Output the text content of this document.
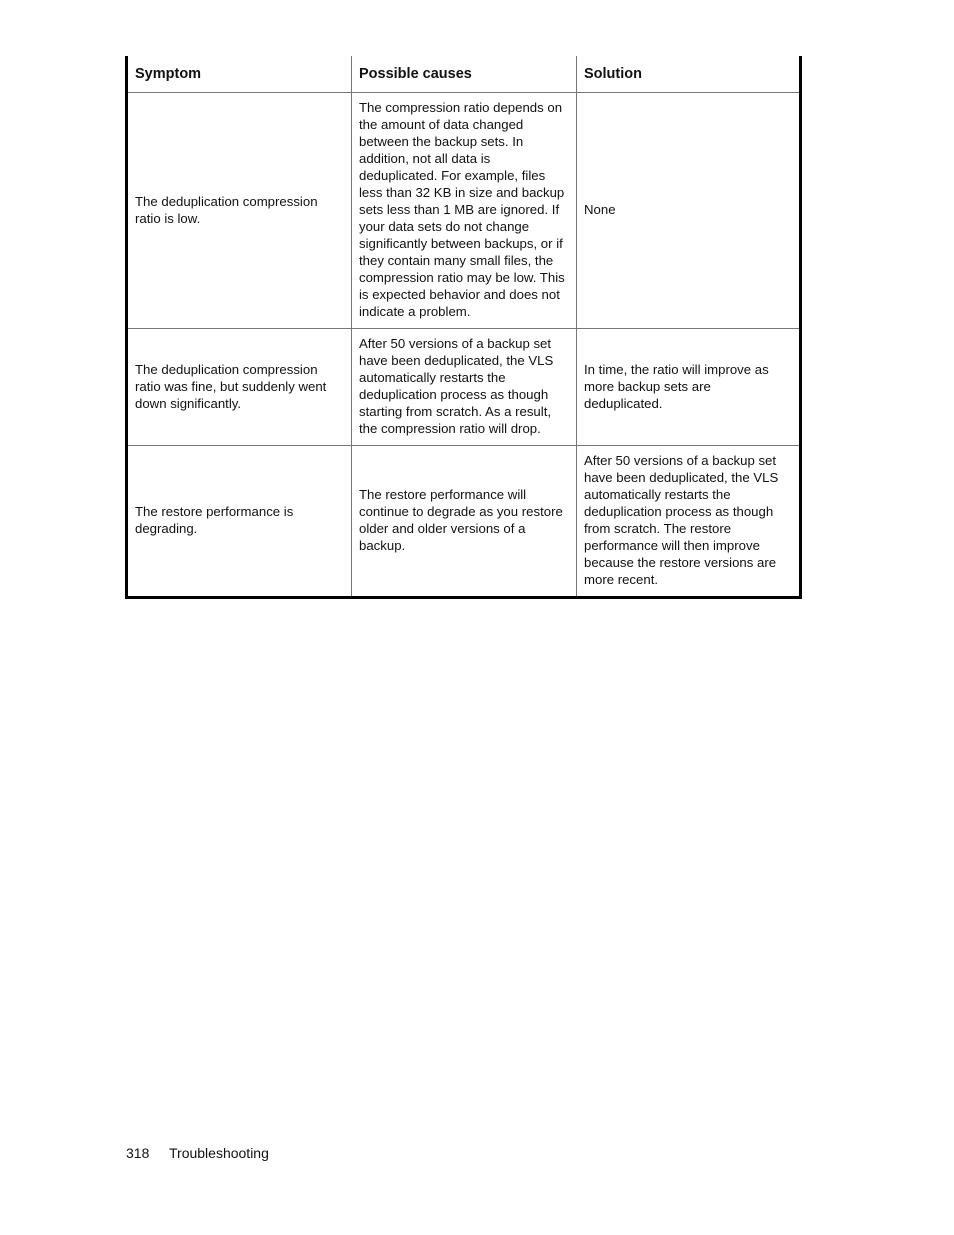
Symptom	Possible causes	Solution
The deduplication compression ratio is low.	The compression ratio depends on the amount of data changed between the backup sets. In addition, not all data is deduplicated. For example, files less than 32 KB in size and backup sets less than 1 MB are ignored. If your data sets do not change significantly between backups, or if they contain many small files, the compression ratio may be low. This is expected behavior and does not indicate a problem.	None
The deduplication compression ratio was fine, but suddenly went down significantly.	After 50 versions of a backup set have been deduplicated, the VLS automatically restarts the deduplication process as though starting from scratch. As a result, the compression ratio will drop.	In time, the ratio will improve as more backup sets are deduplicated.
The restore performance is degrading.	The restore performance will continue to degrade as you restore older and older versions of a backup.	After 50 versions of a backup set have been deduplicated, the VLS automatically restarts the deduplication process as though from scratch. The restore performance will then improve because the restore versions are more recent.
318 Troubleshooting
